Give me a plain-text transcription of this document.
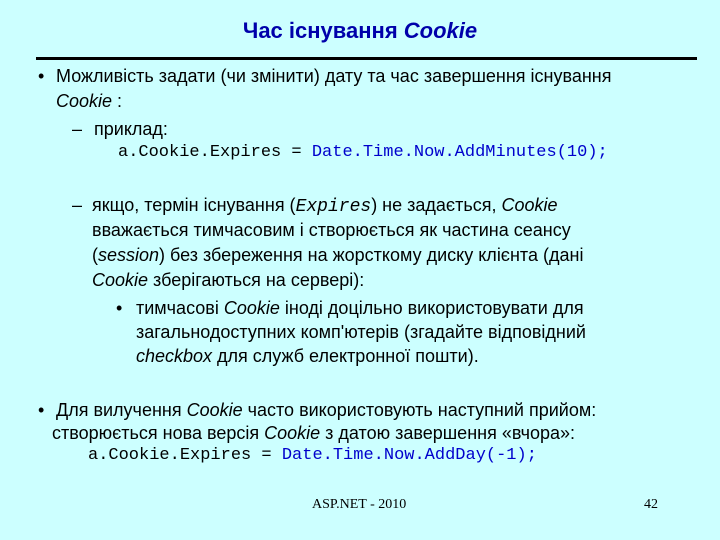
Час існування Cookie
• Можливість задати (чи змінити) дату та час завершення існування
Cookie :
– приклад:
a.Cookie.Expires = Date.Time.Now.AddMinutes(10);
– якщо, термін існування (Expires) не задається, Cookie
вважається тимчасовим і створюється як частина сеансу
(session) без збереження на жорсткому диску клієнта (дані
Cookie зберігаються на сервері):
• тимчасові Cookie іноді доцільно використовувати для
загальнодоступних комп'ютерів (згадайте відповідний
checkbox для служб електронної пошти).
• Для вилучення Cookie часто використовують наступний прийом:
створюється нова версія Cookie з датою завершення «вчора»:
a.Cookie.Expires = Date.Time.Now.AddDay(-1);
ASP.NET - 2010	42
